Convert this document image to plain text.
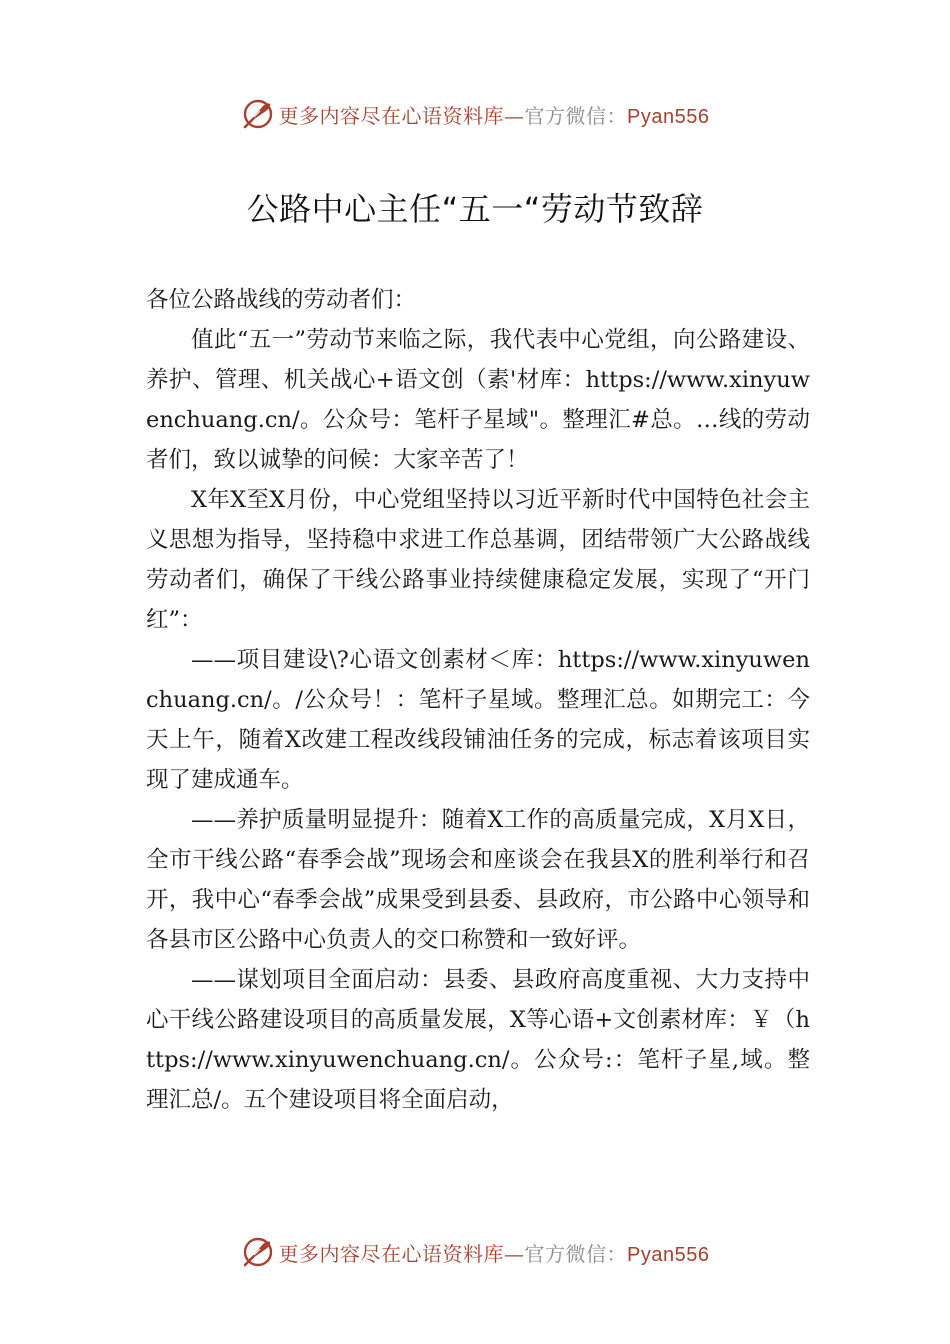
更多内容尽在心语资料库—官方微信：Pyan556
公路中心主任“五一“劳动节致辞

各位公路战线的劳动者们：

值此“五一”劳动节来临之际，我代表中心党组，向公路建设、养护、管理、机关战心+语文创（素'材库：https://www.xinyuwenchuang.cn/。公众号：笔杆子星域"。整理汇#总。…线的劳动者们，致以诚挚的问候：大家辛苦了！

X年X至X月份，中心党组坚持以习近平新时代中国特色社会主义思想为指导，坚持稳中求进工作总基调，团结带领广大公路战线劳动者们，确保了干线公路事业持续健康稳定发展，实现了“开门红”：

——项目建设\?心语文创素材＜库：https://www.xinyuwenchuang.cn/。/公众号！：笔杆子星域。整理汇总。如期完工：今天上午，随着X改建工程改线段铺油任务的完成，标志着该项目实现了建成通车。

——养护质量明显提升：随着X工作的高质量完成，X月X日，全市干线公路“春季会战”现场会和座谈会在我县X的胜利举行和召开，我中心“春季会战”成果受到县委、县政府，市公路中心领导和各县市区公路中心负责人的交口称赞和一致好评。

——谋划项目全面启动：县委、县政府高度重视、大力支持中心干线公路建设项目的高质量发展，X等心语+文创素材库：￥（https://www.xinyuwenchuang.cn/。公众号:：笔杆子星,域。整理汇总/。五个建设项目将全面启动，

更多内容尽在心语资料库—官方微信：Pyan556
